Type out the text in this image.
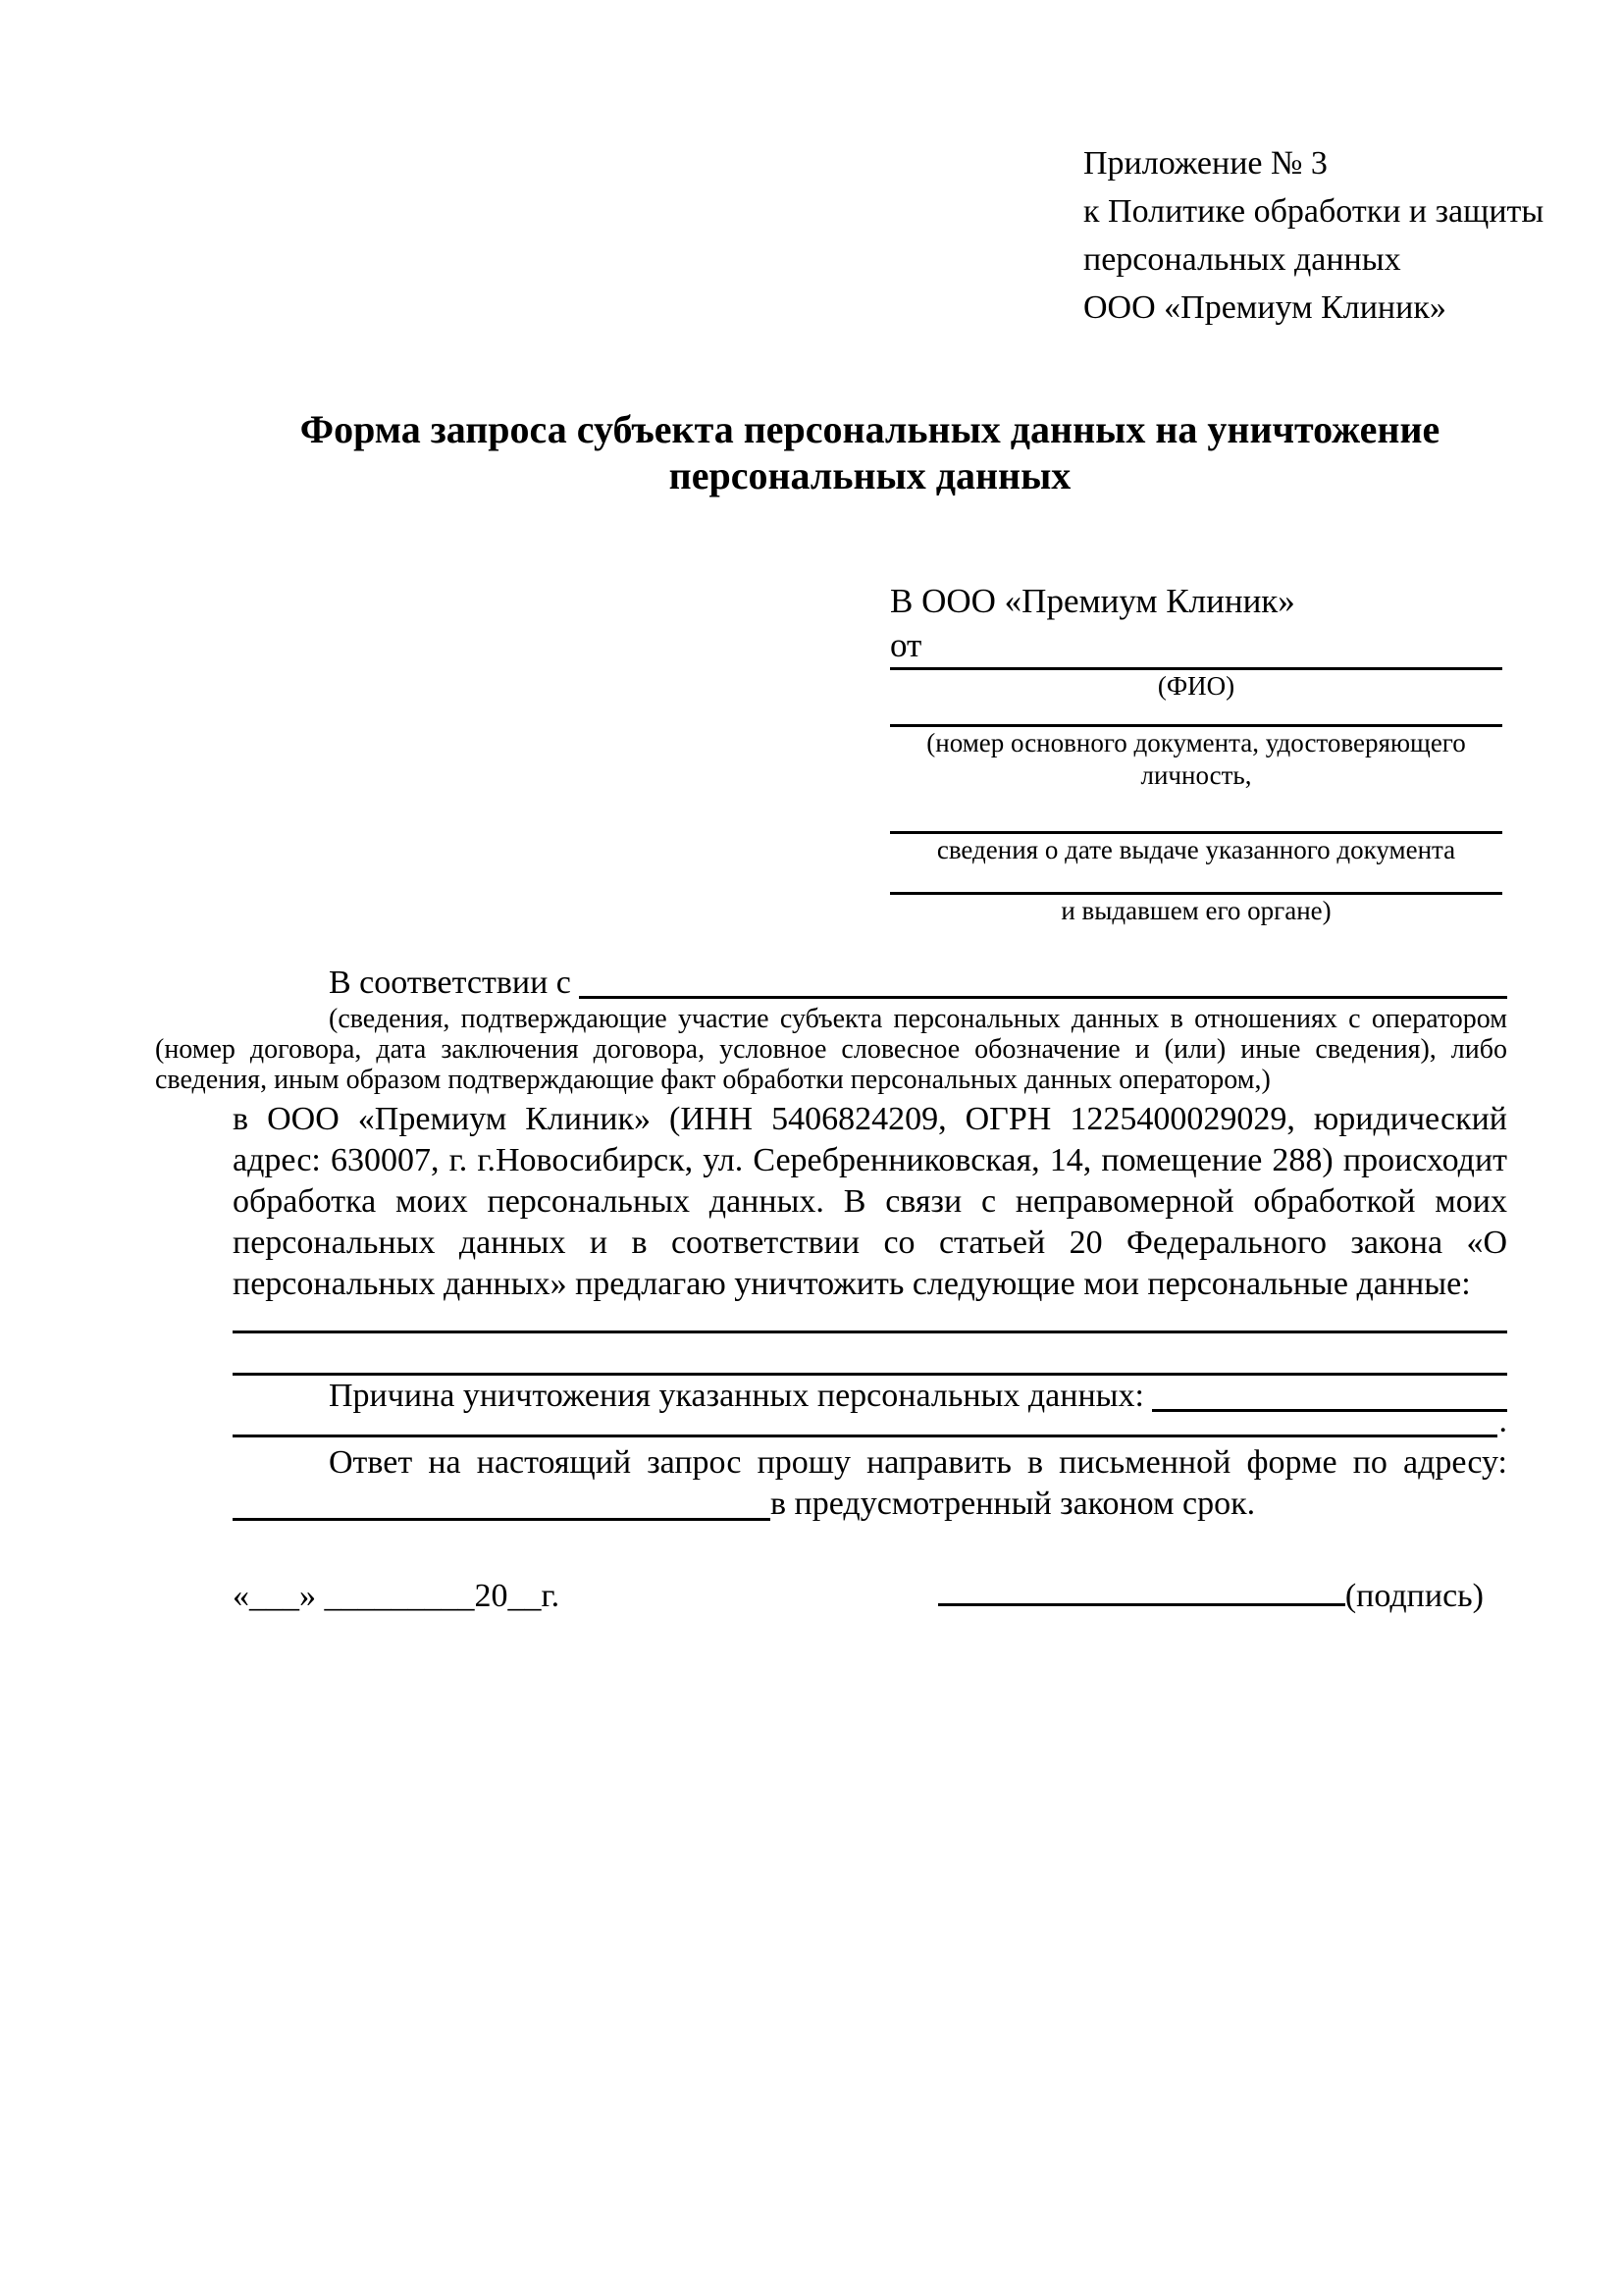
Приложение № 3
к Политике обработки и защиты
персональных данных
ООО «Премиум Клиник»
Форма запроса субъекта персональных данных на уничтожение персональных данных
В ООО «Премиум Клиник»
от
(ФИО)
(номер основного документа, удостоверяющего личность,
сведения о дате выдаче указанного документа
и выдавшем его органе)
В соответствии с

(сведения, подтверждающие участие субъекта персональных данных в отношениях с оператором (номер договора, дата заключения договора, условное словесное обозначение и (или) иные сведения), либо сведения, иным образом подтверждающие факт обработки персональных данных оператором,)

в ООО «Премиум Клиник» (ИНН 5406824209, ОГРН 1225400029029, юридический адрес: 630007, г. г.Новосибирск, ул. Серебренниковская, 14, помещение 288) происходит обработка моих персональных данных. В связи с неправомерной обработкой моих персональных данных и в соответствии со статьей 20 Федерального закона «О персональных данных» предлагаю уничтожить следующие мои персональные данные:

Причина уничтожения указанных персональных данных:
.

Ответ на настоящий запрос прошу направить в письменной форме по адресу:

в предусмотренный законом срок.
«___» _________20__г.	(подпись)
